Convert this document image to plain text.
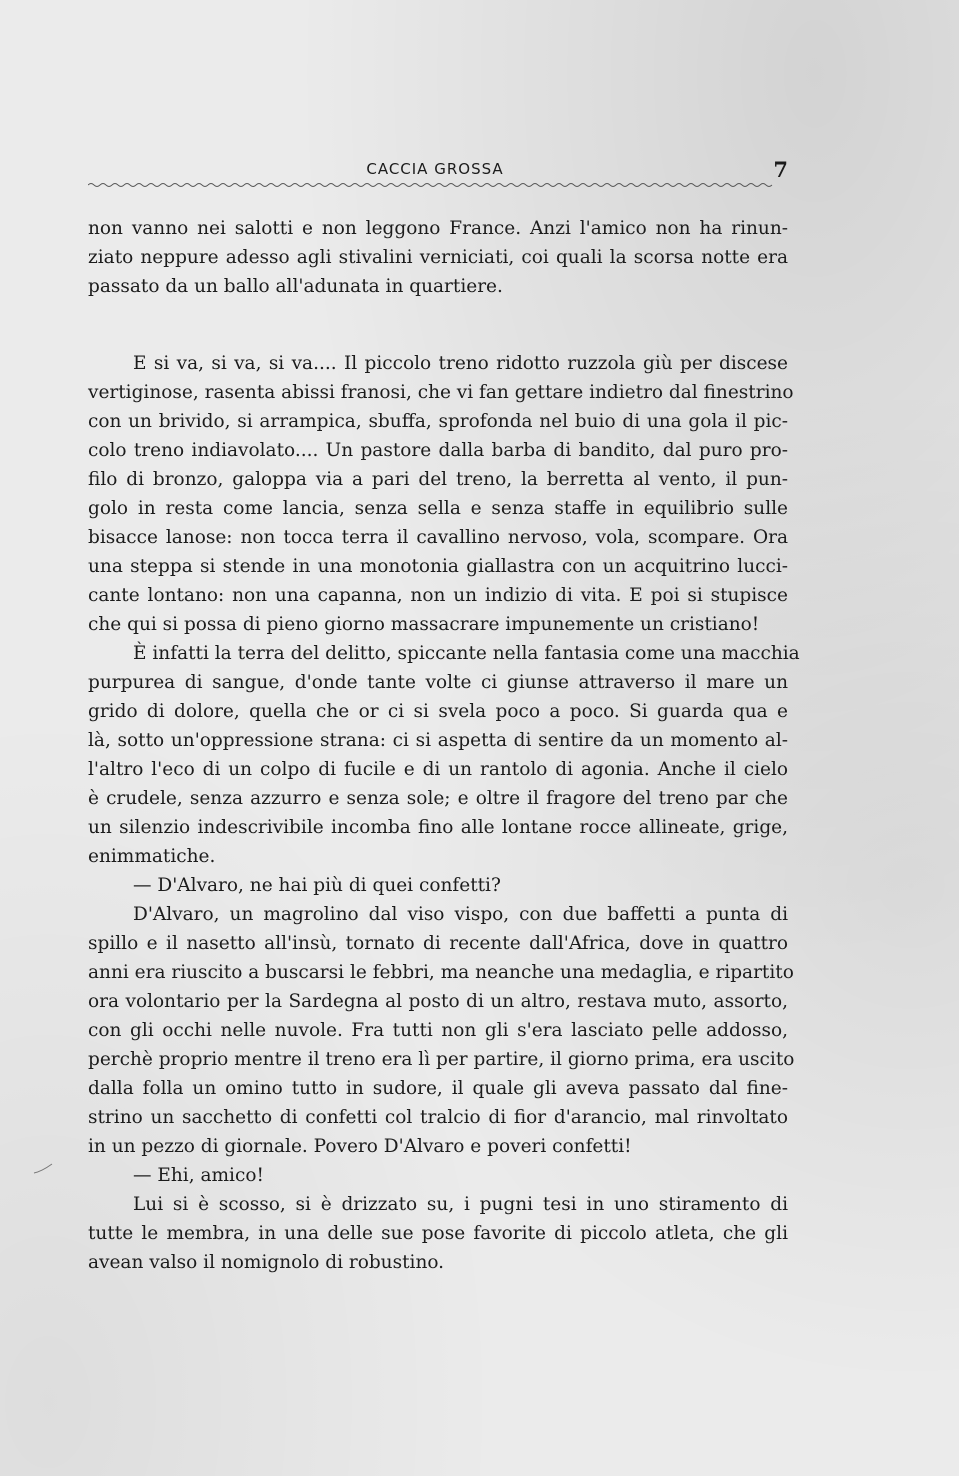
CACCIA GROSSA	7
non vanno nei salotti e non leggono France. Anzi l'amico non ha rinun-
ziato neppure adesso agli stivalini verniciati, coi quali la scorsa notte era
passato da un ballo all'adunata in quartiere.
E si va, si va, si va.... Il piccolo treno ridotto ruzzola giù per discese
vertiginose, rasenta abissi franosi, che vi fan gettare indietro dal finestrino
con un brivido, si arrampica, sbuffa, sprofonda nel buio di una gola il pic-
colo treno indiavolato.... Un pastore dalla barba di bandito, dal puro pro-
filo di bronzo, galoppa via a pari del treno, la berretta al vento, il pun-
golo in resta come lancia, senza sella e senza staffe in equilibrio sulle
bisacce lanose: non tocca terra il cavallino nervoso, vola, scompare. Ora
una steppa si stende in una monotonia giallastra con un acquitrino lucci-
cante lontano: non una capanna, non un indizio di vita. E poi si stupisce
che qui si possa di pieno giorno massacrare impunemente un cristiano!
È infatti la terra del delitto, spiccante nella fantasia come una macchia
purpurea di sangue, d'onde tante volte ci giunse attraverso il mare un
grido di dolore, quella che or ci si svela poco a poco. Si guarda qua e
là, sotto un'oppressione strana: ci si aspetta di sentire da un momento al-
l'altro l'eco di un colpo di fucile e di un rantolo di agonia. Anche il cielo
è crudele, senza azzurro e senza sole; e oltre il fragore del treno par che
un silenzio indescrivibile incomba fino alle lontane rocce allineate, grige,
enimmatiche.
— D'Alvaro, ne hai più di quei confetti?
D'Alvaro, un magrolino dal viso vispo, con due baffetti a punta di
spillo e il nasetto all'insù, tornato di recente dall'Africa, dove in quattro
anni era riuscito a buscarsi le febbri, ma neanche una medaglia, e ripartito
ora volontario per la Sardegna al posto di un altro, restava muto, assorto,
con gli occhi nelle nuvole. Fra tutti non gli s'era lasciato pelle addosso,
perchè proprio mentre il treno era lì per partire, il giorno prima, era uscito
dalla folla un omino tutto in sudore, il quale gli aveva passato dal fine-
strino un sacchetto di confetti col tralcio di fior d'arancio, mal rinvoltato
in un pezzo di giornale. Povero D'Alvaro e poveri confetti!
— Ehi, amico!
Lui si è scosso, si è drizzato su, i pugni tesi in uno stiramento di
tutte le membra, in una delle sue pose favorite di piccolo atleta, che gli
avean valso il nomignolo di robustino.
